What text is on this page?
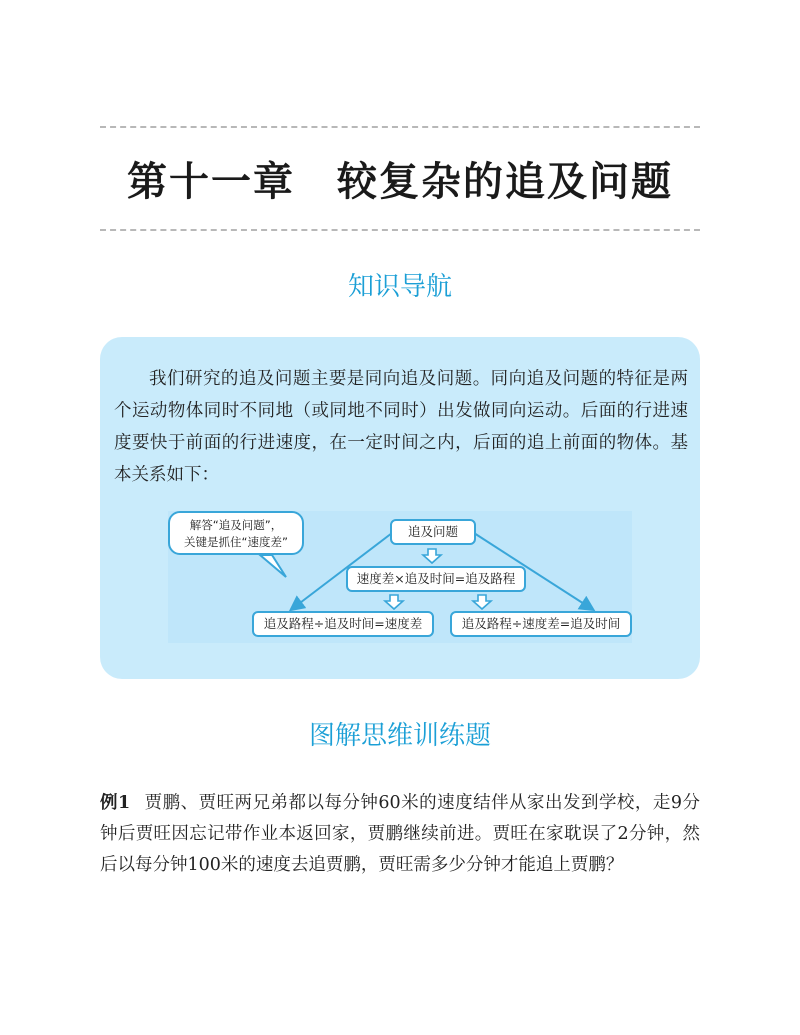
第十一章　较复杂的追及问题
知识导航
我们研究的追及问题主要是同向追及问题。同向追及问题的特征是两个运动物体同时不同地（或同地不同时）出发做同向运动。后面的行进速度要快于前面的行进速度，在一定时间之内，后面的追上前面的物体。基本关系如下：
解答“追及问题”，
关键是抓住“速度差”
追及问题
速度差×追及时间=追及路程
追及路程÷追及时间=速度差	追及路程÷速度差=追及时间
图解思维训练题
例1 贾鹏、贾旺两兄弟都以每分钟60米的速度结伴从家出发到学校，走9分钟后贾旺因忘记带作业本返回家，贾鹏继续前进。贾旺在家耽误了2分钟，然后以每分钟100米的速度去追贾鹏，贾旺需多少分钟才能追上贾鹏？
